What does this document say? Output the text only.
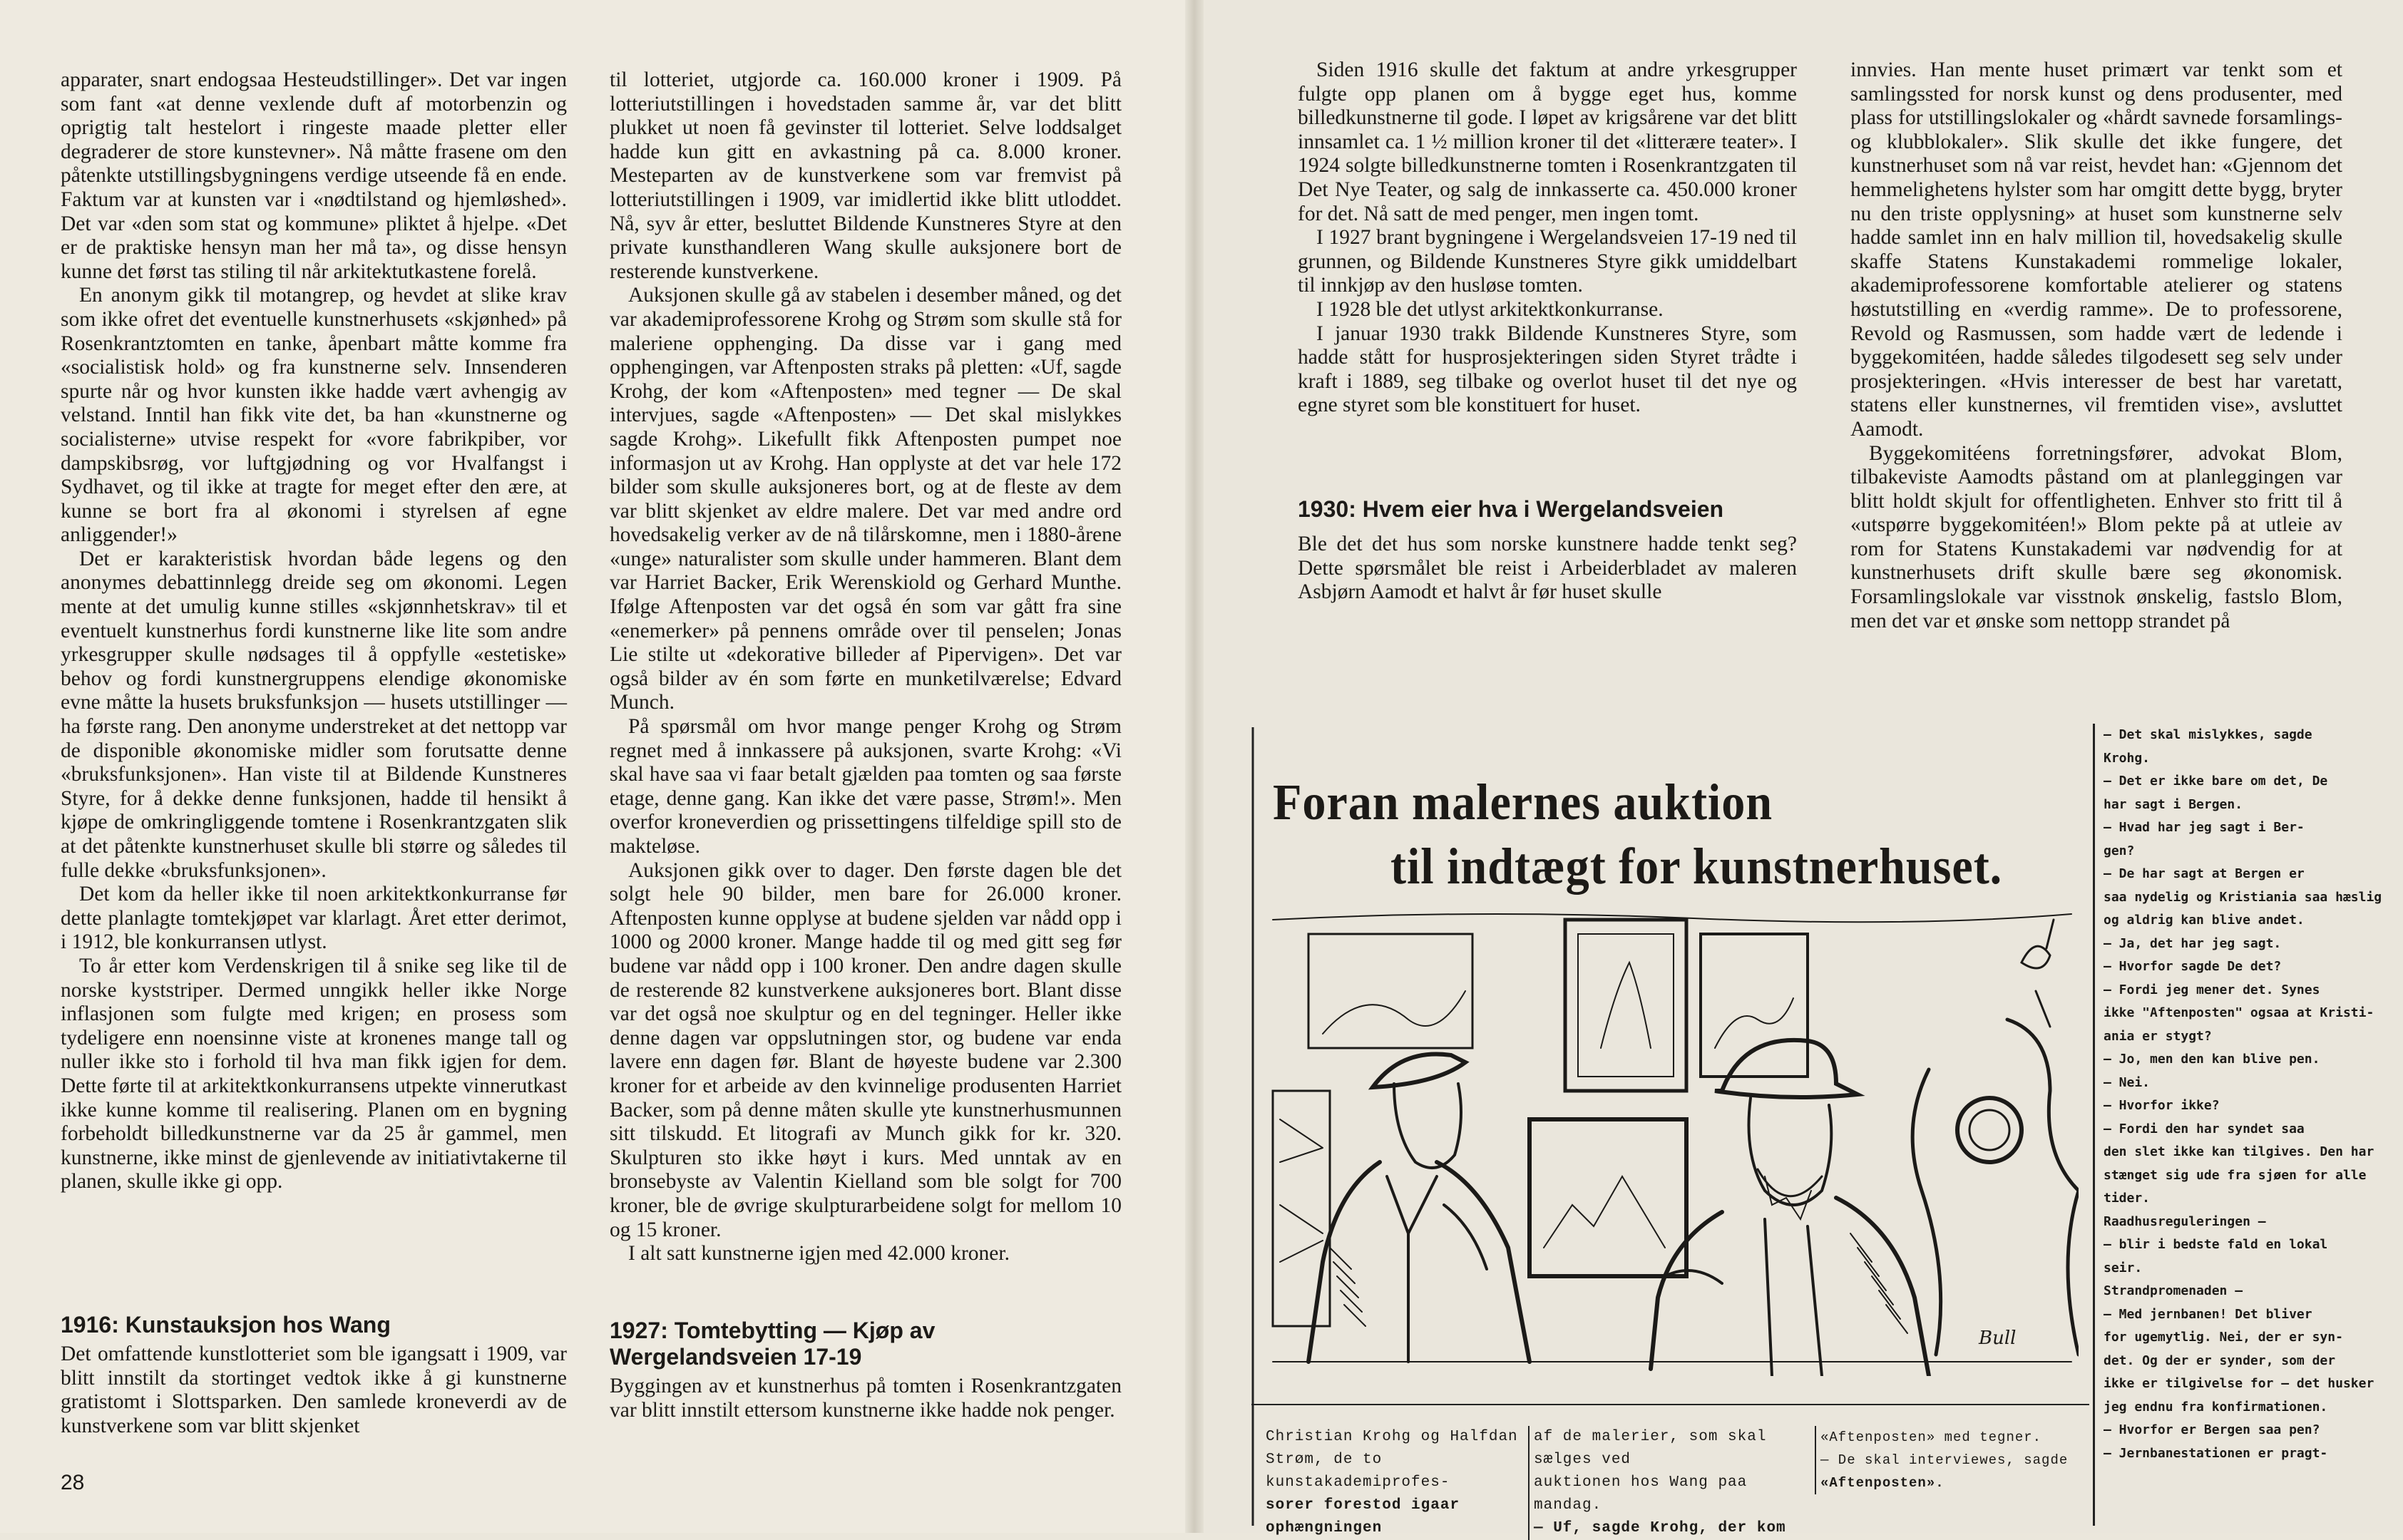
apparater, snart endogsaa Hesteudstillinger». Det var ingen som fant «at denne vexlende duft af motorbenzin og oprigtig talt hestelort i ringeste maade pletter eller degraderer de store kunstevner». Nå måtte frasene om den påtenkte utstillingsbygningens verdige utseende få en ende. Faktum var at kunsten var i «nødtilstand og hjemløshed». Det var «den som stat og kommune» pliktet å hjelpe. «Det er de praktiske hensyn man her må ta», og disse hensyn kunne det først tas stiling til når arkitektutkastene forelå.

En anonym gikk til motangrep, og hevdet at slike krav som ikke ofret det eventuelle kunstnerhusets «skjønhed» på Rosenkrantztomten en tanke, åpenbart måtte komme fra «socialistisk hold» og fra kunstnerne selv. Innsenderen spurte når og hvor kunsten ikke hadde vært avhengig av velstand. Inntil han fikk vite det, ba han «kunstnerne og socialisterne» utvise respekt for «vore fabrikpiber, vor dampskibsrøg, vor luftgjødning og vor Hvalfangst i Sydhavet, og til ikke at tragte for meget efter den ære, at kunne se bort fra al økonomi i styrelsen af egne anliggender!»

Det er karakteristisk hvordan både legens og den anonymes debattinnlegg dreide seg om økonomi. Legen mente at det umulig kunne stilles «skjønnhetskrav» til et eventuelt kunstnerhus fordi kunstnerne like lite som andre yrkesgrupper skulle nødsages til å oppfylle «estetiske» behov og fordi kunstnergruppens elendige økonomiske evne måtte la husets bruksfunksjon — husets utstillinger — ha første rang. Den anonyme understreket at det nettopp var de disponible økonomiske midler som forutsatte denne «bruksfunksjonen». Han viste til at Bildende Kunstneres Styre, for å dekke denne funksjonen, hadde til hensikt å kjøpe de omkringliggende tomtene i Rosenkrantzgaten slik at det påtenkte kunstnerhuset skulle bli større og således til fulle dekke «bruksfunksjonen».

Det kom da heller ikke til noen arkitektkonkurranse før dette planlagte tomtekjøpet var klarlagt. Året etter derimot, i 1912, ble konkurransen utlyst.

To år etter kom Verdenskrigen til å snike seg like til de norske kyststriper. Dermed unngikk heller ikke Norge inflasjonen som fulgte med krigen; en prosess som tydeligere enn noensinne viste at kronenes mange tall og nuller ikke sto i forhold til hva man fikk igjen for dem. Dette førte til at arkitektkonkurransens utpekte vinnerutkast ikke kunne komme til realisering. Planen om en bygning forbeholdt billedkunstnerne var da 25 år gammel, men kunstnerne, ikke minst de gjenlevende av initiativtakerne til planen, skulle ikke gi opp.

1916: Kunstauksjon hos Wang

Det omfattende kunstlotteriet som ble igangsatt i 1909, var blitt innstilt da stortinget vedtok ikke å gi kunstnerne gratistomt i Slottsparken. Den samlede kroneverdi av de kunstverkene som var blitt skjenket

28

til lotteriet, utgjorde ca. 160.000 kroner i 1909. På lotteriutstillingen i hovedstaden samme år, var det blitt plukket ut noen få gevinster til lotteriet. Selve loddsalget hadde kun gitt en avkastning på ca. 8.000 kroner. Mesteparten av de kunstverkene som var fremvist på lotteriutstillingen i 1909, var imidlertid ikke blitt utloddet. Nå, syv år etter, besluttet Bildende Kunstneres Styre at den private kunsthandleren Wang skulle auksjonere bort de resterende kunstverkene.

Auksjonen skulle gå av stabelen i desember måned, og det var akademiprofessorene Krohg og Strøm som skulle stå for maleriene opphenging. Da disse var i gang med opphengingen, var Aftenposten straks på pletten: «Uf, sagde Krohg, der kom «Aftenposten» med tegner — De skal intervjues, sagde «Aftenposten» — Det skal mislykkes sagde Krohg». Likefullt fikk Aftenposten pumpet noe informasjon ut av Krohg. Han opplyste at det var hele 172 bilder som skulle auksjoneres bort, og at de fleste av dem var blitt skjenket av eldre malere. Det var med andre ord hovedsakelig verker av de nå tilårskomne, men i 1880-årene «unge» naturalister som skulle under hammeren. Blant dem var Harriet Backer, Erik Werenskiold og Gerhard Munthe. Ifølge Aftenposten var det også én som var gått fra sine «enemerker» på pennens område over til penselen; Jonas Lie stilte ut «dekorative billeder af Pipervigen». Det var også bilder av én som førte en munketilværelse; Edvard Munch.

På spørsmål om hvor mange penger Krohg og Strøm regnet med å innkassere på auksjonen, svarte Krohg: «Vi skal have saa vi faar betalt gjælden paa tomten og saa første etage, denne gang. Kan ikke det være passe, Strøm!». Men overfor kroneverdien og prissettingens tilfeldige spill sto de makteløse.

Auksjonen gikk over to dager. Den første dagen ble det solgt hele 90 bilder, men bare for 26.000 kroner. Aftenposten kunne opplyse at budene sjelden var nådd opp i 1000 og 2000 kroner. Mange hadde til og med gitt seg før budene var nådd opp i 100 kroner. Den andre dagen skulle de resterende 82 kunstverkene auksjoneres bort. Blant disse var det også noe skulptur og en del tegninger. Heller ikke denne dagen var oppslutningen stor, og budene var enda lavere enn dagen før. Blant de høyeste budene var 2.300 kroner for et arbeide av den kvinnelige produsenten Harriet Backer, som på denne måten skulle yte kunstnerhusmunnen sitt tilskudd. Et litografi av Munch gikk for kr. 320. Skulpturen sto ikke høyt i kurs. Med unntak av en bronsebyste av Valentin Kielland som ble solgt for 700 kroner, ble de øvrige skulpturarbeidene solgt for mellom 10 og 15 kroner.

I alt satt kunstnerne igjen med 42.000 kroner.

1927: Tomtebytting — Kjøp av Wergelandsveien 17-19

Byggingen av et kunstnerhus på tomten i Rosenkrantzgaten var blitt innstilt ettersom kunstnerne ikke hadde nok penger.

Siden 1916 skulle det faktum at andre yrkesgrupper fulgte opp planen om å bygge eget hus, komme billedkunstnerne til gode. I løpet av krigsårene var det blitt innsamlet ca. 1 ½ million kroner til det «litterære teater». I 1924 solgte billedkunstnerne tomten i Rosenkrantzgaten til Det Nye Teater, og salg de innkasserte ca. 450.000 kroner for det. Nå satt de med penger, men ingen tomt.

I 1927 brant bygningene i Wergelandsveien 17-19 ned til grunnen, og Bildende Kunstneres Styre gikk umiddelbart til innkjøp av den husløse tomten.

I 1928 ble det utlyst arkitektkonkurranse.

I januar 1930 trakk Bildende Kunstneres Styre, som hadde stått for husprosjekteringen siden Styret trådte i kraft i 1889, seg tilbake og overlot huset til det nye og egne styret som ble konstituert for huset.

1930: Hvem eier hva i Wergelandsveien

Ble det det hus som norske kunstnere hadde tenkt seg? Dette spørsmålet ble reist i Arbeiderbladet av maleren Asbjørn Aamodt et halvt år før huset skulle

innvies. Han mente huset primært var tenkt som et samlingssted for norsk kunst og dens produsenter, med plass for utstillingslokaler og «hårdt savnede forsamlings- og klubblokaler». Slik skulle det ikke fungere, det kunstnerhuset som nå var reist, hevdet han: «Gjennom det hemmelighetens hylster som har omgitt dette bygg, bryter nu den triste opplysning» at huset som kunstnerne selv hadde samlet inn en halv million til, hovedsakelig skulle skaffe Statens Kunstakademi rommelige lokaler, akademiprofessorene komfortable atelierer og statens høstutstilling en «verdig ramme». De to professorene, Revold og Rasmussen, som hadde vært de ledende i byggekomitéen, hadde således tilgodesett seg selv under prosjekteringen. «Hvis interesser de best har varetatt, statens eller kunstnernes, vil fremtiden vise», avsluttet Aamodt.

Byggekomitéens forretningsfører, advokat Blom, tilbakeviste Aamodts påstand om at planleggingen var blitt holdt skjult for offentligheten. Enhver sto fritt til å «utspørre byggekomitéen!» Blom pekte på at utleie av rom for Statens Kunstakademi var nødvendig for at kunstnerhusets drift skulle bære seg økonomisk. Forsamlingslokale var visstnok ønskelig, fastslo Blom, men det var et ønske som nettopp strandet på

Foran malernes auktion
til indtægt for kunstnerhuset.
Bull
Christian Krohg og Halfdan
Strøm, de to kunstakademiprofes-
sorer forestod igaar ophængningen
af de malerier, som skal sælges ved
auktionen hos Wang paa mandag.
— Uf, sagde Krohg, der kom
«Aftenposten» med tegner.
— De skal interviewes, sagde
«Aftenposten».
— Det skal mislykkes, sagde
Krohg.
— Det er ikke bare om det, De
har sagt i Bergen.
— Hvad har jeg sagt i Ber-
gen?
— De har sagt at Bergen er
saa nydelig og Kristiania saa hæslig
og aldrig kan blive andet.
— Ja, det har jeg sagt.
— Hvorfor sagde De det?
— Fordi jeg mener det. Synes
ikke "Aftenposten" ogsaa at Kristi-
ania er stygt?
— Jo, men den kan blive pen.
— Nei.
— Hvorfor ikke?
— Fordi den har syndet saa
den slet ikke kan tilgives. Den har
stænget sig ude fra sjøen for alle
tider.
Raadhusreguleringen —
— blir i bedste fald en lokal
seir.
Strandpromenaden —
— Med jernbanen! Det bliver
for ugemytlig. Nei, der er syn-
det. Og der er synder, som der
ikke er tilgivelse for — det husker
jeg endnu fra konfirmationen.
— Hvorfor er Bergen saa pen?
— Jernbanestationen er pragt-
